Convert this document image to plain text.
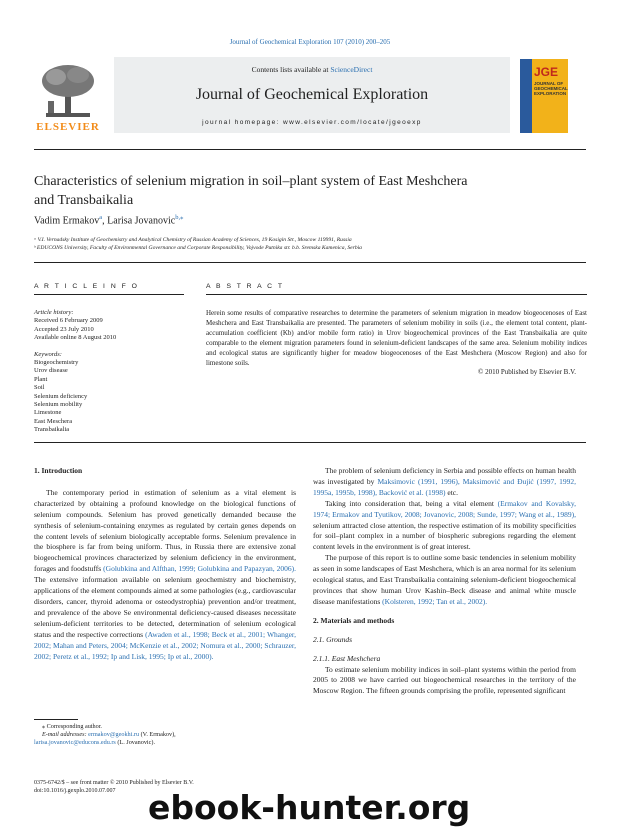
Journal of Geochemical Exploration 107 (2010) 200–205
ELSEVIER
Contents lists available at ScienceDirect
Journal of Geochemical Exploration
journal homepage: www.elsevier.com/locate/jgeoexp
JGE
JOURNAL OF GEOCHEMICAL EXPLORATION
Characteristics of selenium migration in soil–plant system of East Meshchera
and Transbaikalia
Vadim Ermakov$^a$, Larisa Jovanovic$^{b,⁎}$
ᵃ V.I. Vernadsky Institute of Geochemistry and Analytical Chemistry of Russian Academy of Sciences, 19 Kosigin Str., Moscow 119991, Russia
ᵇ EDUCONS University, Faculty of Environmental Governance and Corporate Responsibility, Vojvode Putnika str. b.b. Sremska Kamenica, Serbia
A R T I C L E I N F O	A B S T R A C T
Article history:
Received 6 February 2009
Accepted 23 July 2010
Available online 8 August 2010
Keywords:
Biogeochemistry
Urov disease
Plant
Soil
Selenium deficiency
Selenium mobility
Limestone
East Meschera
Transbaikalia
Herein some results of comparative researches to determine the parameters of selenium migration in meadow biogeocenoses of East Meshchera and East Transbaikalia are presented. The parameters of selenium mobility in soils (i.e., the element total content, plant-accumulation coefficient (Kb) and/or mobile form ratio) in Urov biogeochemical provinces of the East Transbaikalia are quite comparable to the element migration parameters found in selenium-deficient landscapes of the same area. Selenium mobility indices and ecological status are significantly higher for meadow biogeocenoses of the East Meshchera (Moscow Region) and also for limestone soils.
© 2010 Published by Elsevier B.V.

1. Introduction

The contemporary period in estimation of selenium as a vital element is characterized by obtaining a profound knowledge on the biological functions of selenium compounds. Selenium has proved genetically demanded because the synthesis of selenium-containing enzymes as regulated by certain genes depends on the content levels of selenium biologically acceptable forms. Selenium prevalence in the biosphere is far from being uniform. Thus, in Russia there are extensive zonal biogeochemical provinces characterized by selenium deficiency in the environment, forages and foodstuffs (Golubkina and Alfthan, 1999; Golubkina and Papazyan, 2006). The extensive information available on selenium geochemistry and biochemistry, applications of the element compounds aimed at some pathologies (e.g., cardiovascular disorders, cancer, thyroid adenoma or osteodystrophia) prevention and/or treatment, and prevalence of the above Se environmental deficiency-caused diseases necessitate selenium-deficient territories to be detected, determination of selenium ecological status and the respective corrections (Awaden et al., 1998; Beck et al., 2001; Whanger, 2002; Mahan and Peters, 2004; McKenzie et al., 2002; Nomura et al., 2000; Schrauzer, 2002; Peretz et al., 1992; Ip and Lisk, 1995; Ip et al., 2000).

The problem of selenium deficiency in Serbia and possible effects on human health was investigated by Maksimovic (1991, 1996), Maksimović and Đujić (1997, 1992, 1995a, 1995b, 1998), Backović et al. (1998) etc.

Taking into consideration that, being a vital element (Ermakov and Kovalsky, 1974; Ermakov and Tyutikov, 2008; Jovanovic, 2008; Sunde, 1997; Wang et al., 1989), selenium attracted close attention, the respective estimation of its mobility specificities for soil–plant complex in a number of biospheric subregions regarding the element content levels in the environment is of great interest.

The purpose of this report is to outline some basic tendencies in selenium mobility as seen in some landscapes of East Meshchera, which is an area normal for its selenium ecological status, and East Transbaikalia containing selenium-deficient biogeochemical provinces that show human Urov Kashin–Beck disease and animal white muscle disease manifestations (Kolsteren, 1992; Tan et al., 2002).

2. Materials and methods

2.1. Grounds

2.1.1. East Meshchera

To estimate selenium mobility indices in soil–plant systems within the period from 2005 to 2008 we have carried out biogeochemical researches in the territory of the Moscow Region. The fifteen grounds comprising the profile, represented significant

⁎ Corresponding author.
E-mail addresses: ermakov@geokhi.ru (V. Ermakov),
larisa.jovanovic@educons.edu.rs (L. Jovanovic).
0375-6742/$ – see front matter © 2010 Published by Elsevier B.V.
doi:10.1016/j.gexplo.2010.07.007 ebook-hunter.org
